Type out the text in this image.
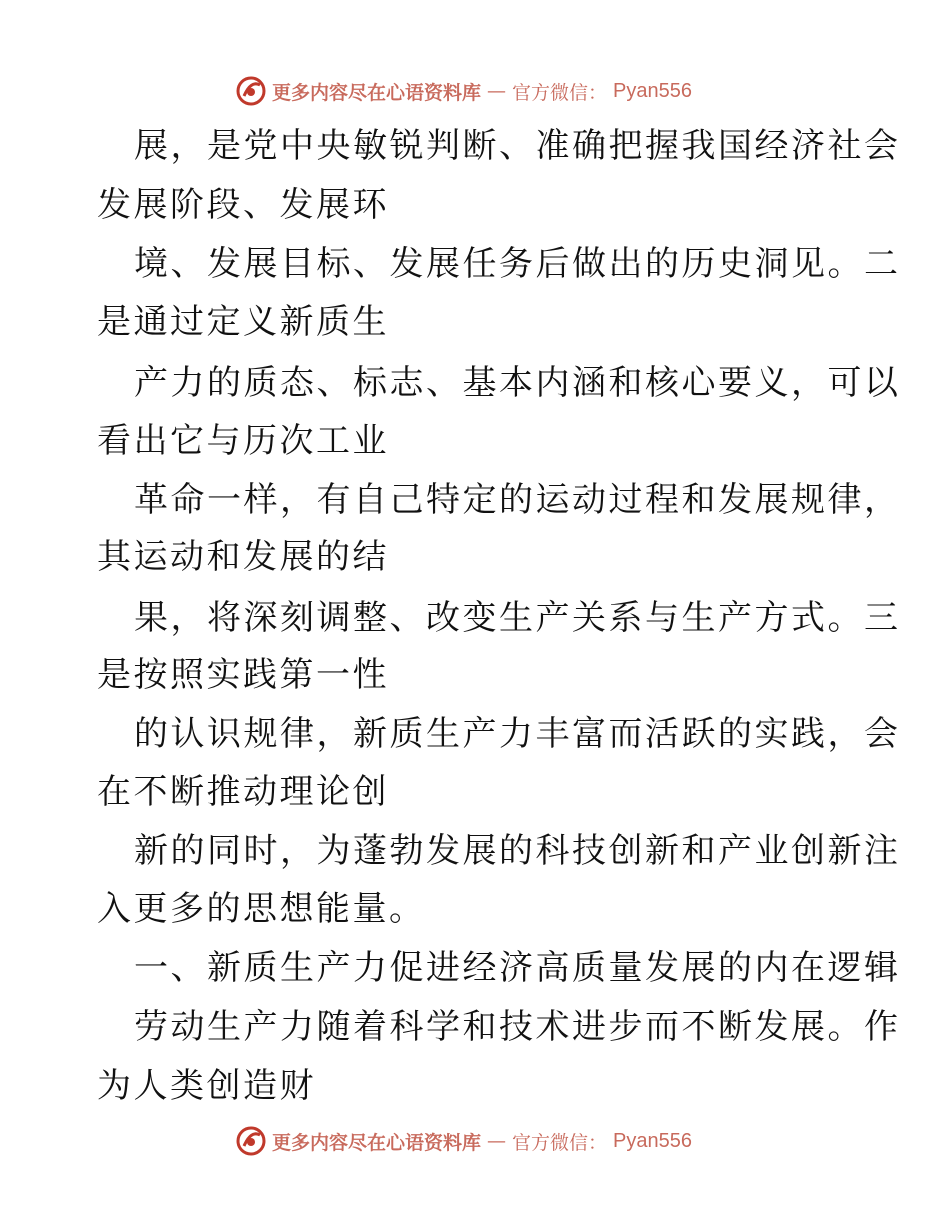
更多内容尽在心语资料库 — 官方微信： Pyan556
展，是党中央敏锐判断、准确把握我国经济社会
发展阶段、发展环
境、发展目标、发展任务后做出的历史洞见。二
是通过定义新质生
产力的质态、标志、基本内涵和核心要义，可以
看出它与历次工业
革命一样，有自己特定的运动过程和发展规律，
其运动和发展的结
果，将深刻调整、改变生产关系与生产方式。三
是按照实践第一性
的认识规律，新质生产力丰富而活跃的实践，会
在不断推动理论创
新的同时，为蓬勃发展的科技创新和产业创新注
入更多的思想能量。
一、新质生产力促进经济高质量发展的内在逻辑
劳动生产力随着科学和技术进步而不断发展。作
为人类创造财
更多内容尽在心语资料库 — 官方微信： Pyan556
